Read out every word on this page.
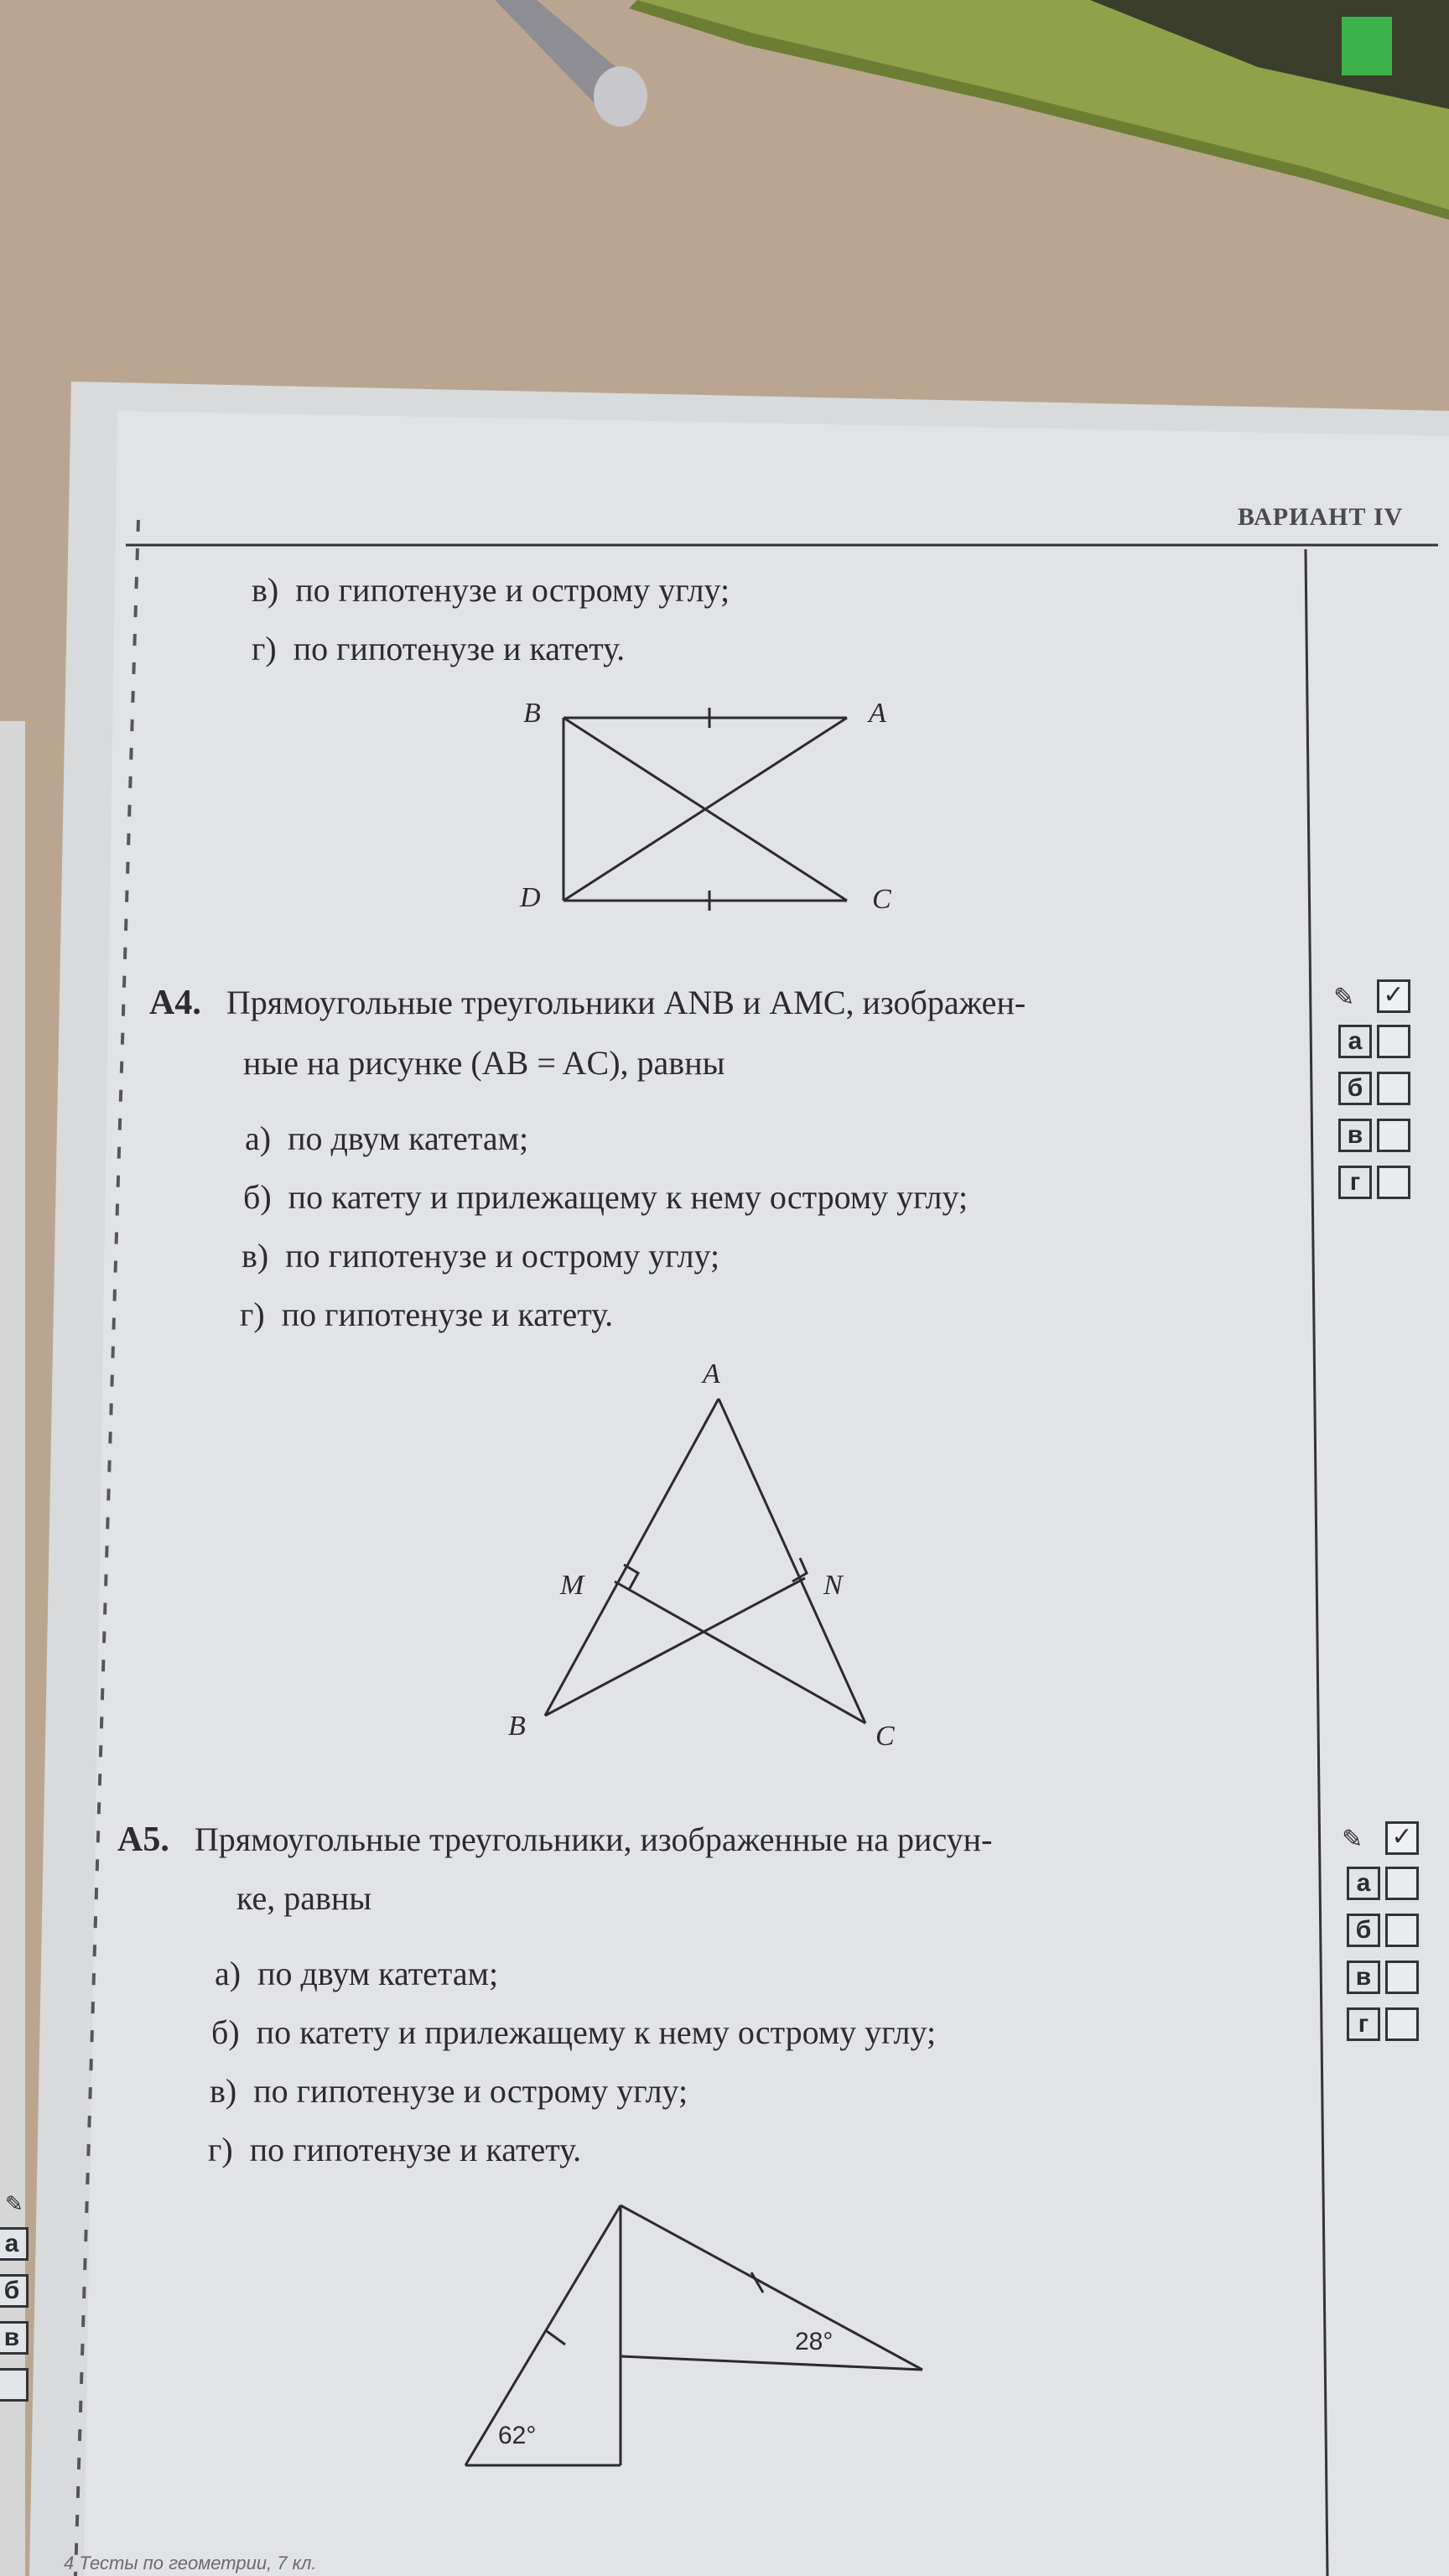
ВАРИАНТ IV
в) по гипотенузе и острому углу;
г) по гипотенузе и катету.
B	A
D	C
А4. Прямоугольные треугольники ANB и AMC, изображен-
ные на рисунке (AB = AC), равны
а) по двум катетам;
б) по катету и прилежащему к нему острому углу;
в) по гипотенузе и острому углу;
г) по гипотенузе и катету.
A
M	N
B	C
✎ ✓
а
б
в
г
А5. Прямоугольные треугольники, изображенные на рисун-
ке, равны
а) по двум катетам;
б) по катету и прилежащему к нему острому углу;
в) по гипотенузе и острому углу;
г) по гипотенузе и катету.
28°
62°
✎ ✓
а
б
в
г
✎
а
б
в
4 Тесты по геометрии, 7 кл.
